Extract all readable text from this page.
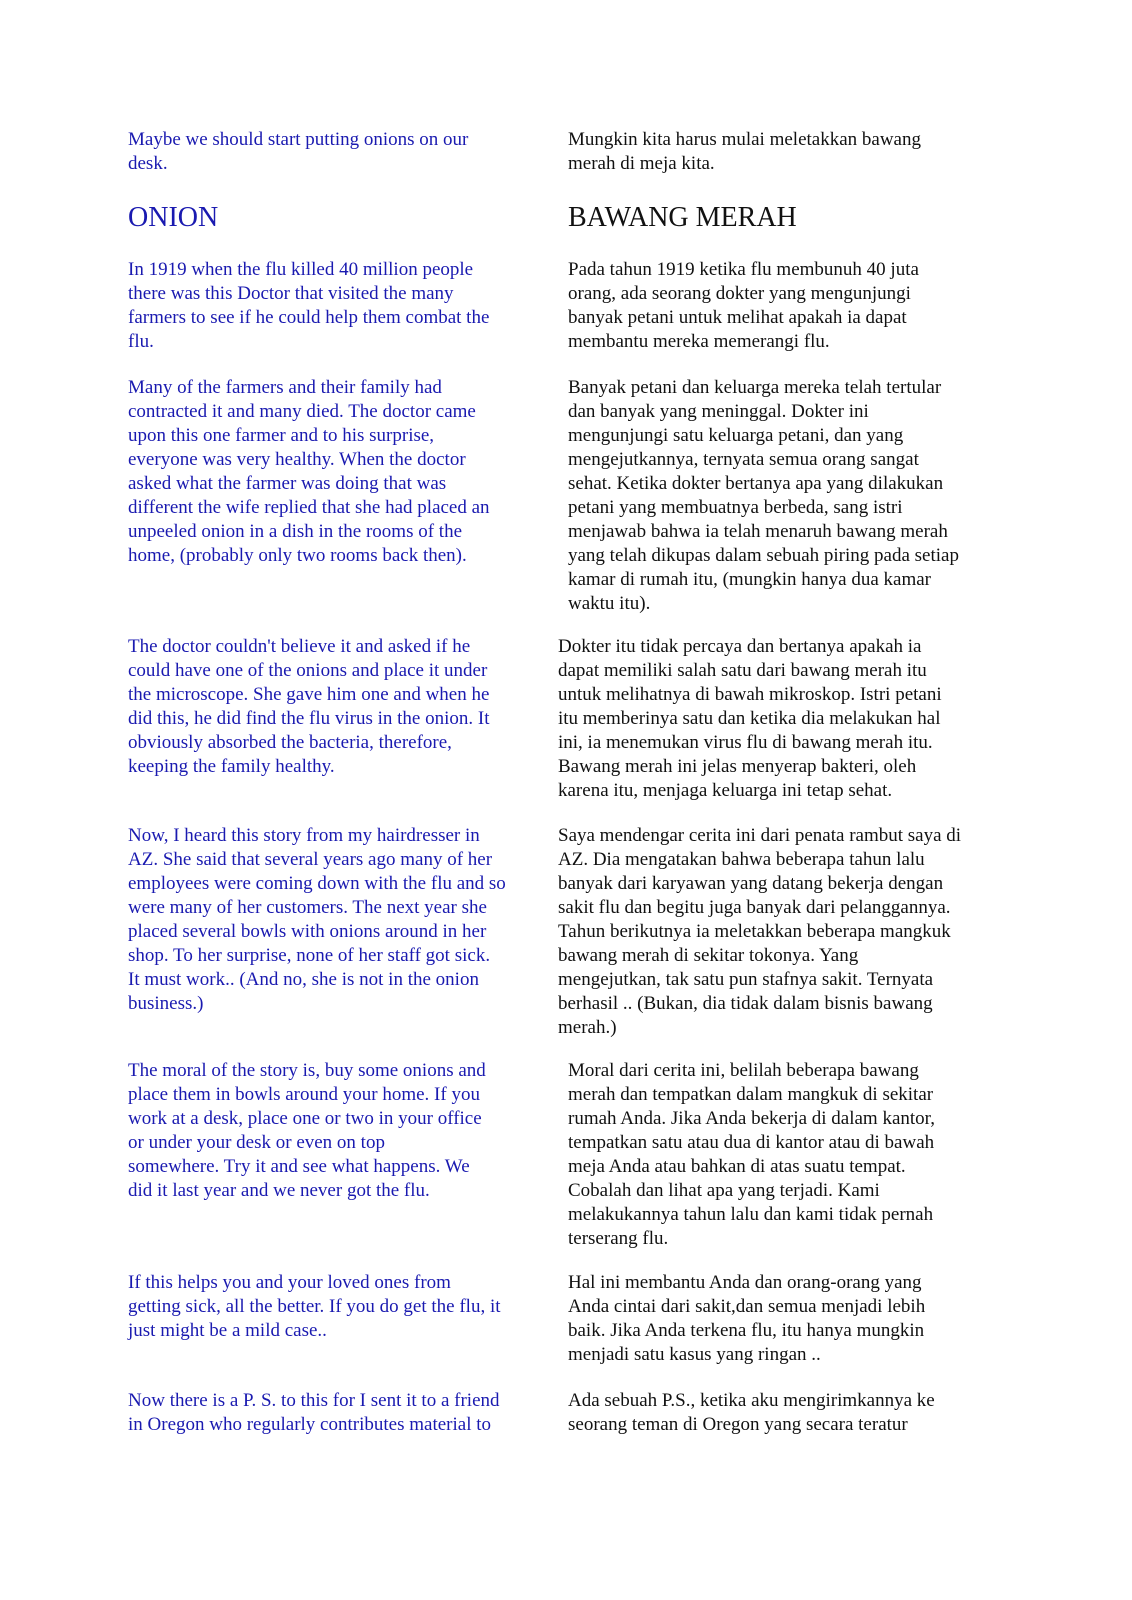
Maybe we should start putting onions on our
desk.

Mungkin kita harus mulai meletakkan bawang
merah di meja kita.

ONION	BAWANG MERAH

In 1919 when the flu killed 40 million people
there was this Doctor that visited the many
farmers to see if he could help them combat the
flu.

Pada tahun 1919 ketika flu membunuh 40 juta
orang, ada seorang dokter yang mengunjungi
banyak petani untuk melihat apakah ia dapat
membantu mereka memerangi flu.

Many of the farmers and their family had
contracted it and many died. The doctor came
upon this one farmer and to his surprise,
everyone was very healthy. When the doctor
asked what the farmer was doing that was
different the wife replied that she had placed an
unpeeled onion in a dish in the rooms of the
home, (probably only two rooms back then).

Banyak petani dan keluarga mereka telah tertular
dan banyak yang meninggal. Dokter ini
mengunjungi satu keluarga petani, dan yang
mengejutkannya, ternyata semua orang sangat
sehat. Ketika dokter bertanya apa yang dilakukan
petani yang membuatnya berbeda, sang istri
menjawab bahwa ia telah menaruh bawang merah
yang telah dikupas dalam sebuah piring pada setiap
kamar di rumah itu, (mungkin hanya dua kamar
waktu itu).

The doctor couldn't believe it and asked if he
could have one of the onions and place it under
the microscope. She gave him one and when he
did this, he did find the flu virus in the onion. It
obviously absorbed the bacteria, therefore,
keeping the family healthy.

Dokter itu tidak percaya dan bertanya apakah ia
dapat memiliki salah satu dari bawang merah itu
untuk melihatnya di bawah mikroskop. Istri petani
itu memberinya satu dan ketika dia melakukan hal
ini, ia menemukan virus flu di bawang merah itu.
Bawang merah ini jelas menyerap bakteri, oleh
karena itu, menjaga keluarga ini tetap sehat.

Now, I heard this story from my hairdresser in
AZ. She said that several years ago many of her
employees were coming down with the flu and so
were many of her customers. The next year she
placed several bowls with onions around in her
shop. To her surprise, none of her staff got sick.
It must work.. (And no, she is not in the onion
business.)

Saya mendengar cerita ini dari penata rambut saya di
AZ. Dia mengatakan bahwa beberapa tahun lalu
banyak dari karyawan yang datang bekerja dengan
sakit flu dan begitu juga banyak dari pelanggannya.
Tahun berikutnya ia meletakkan beberapa mangkuk
bawang merah di sekitar tokonya. Yang
mengejutkan, tak satu pun stafnya sakit. Ternyata
berhasil .. (Bukan, dia tidak dalam bisnis bawang
merah.)

The moral of the story is, buy some onions and
place them in bowls around your home. If you
work at a desk, place one or two in your office
or under your desk or even on top
somewhere. Try it and see what happens. We
did it last year and we never got the flu.

Moral dari cerita ini, belilah beberapa bawang
merah dan tempatkan dalam mangkuk di sekitar
rumah Anda. Jika Anda bekerja di dalam kantor,
tempatkan satu atau dua di kantor atau di bawah
meja Anda atau bahkan di atas suatu tempat.
Cobalah dan lihat apa yang terjadi. Kami
melakukannya tahun lalu dan kami tidak pernah
terserang flu.

If this helps you and your loved ones from
getting sick, all the better. If you do get the flu, it
just might be a mild case..

Hal ini membantu Anda dan orang-orang yang
Anda cintai dari sakit,dan semua menjadi lebih
baik. Jika Anda terkena flu, itu hanya mungkin
menjadi satu kasus yang ringan ..

Now there is a P. S. to this for I sent it to a friend
in Oregon who regularly contributes material to

Ada sebuah P.S., ketika aku mengirimkannya ke
seorang teman di Oregon yang secara teratur
